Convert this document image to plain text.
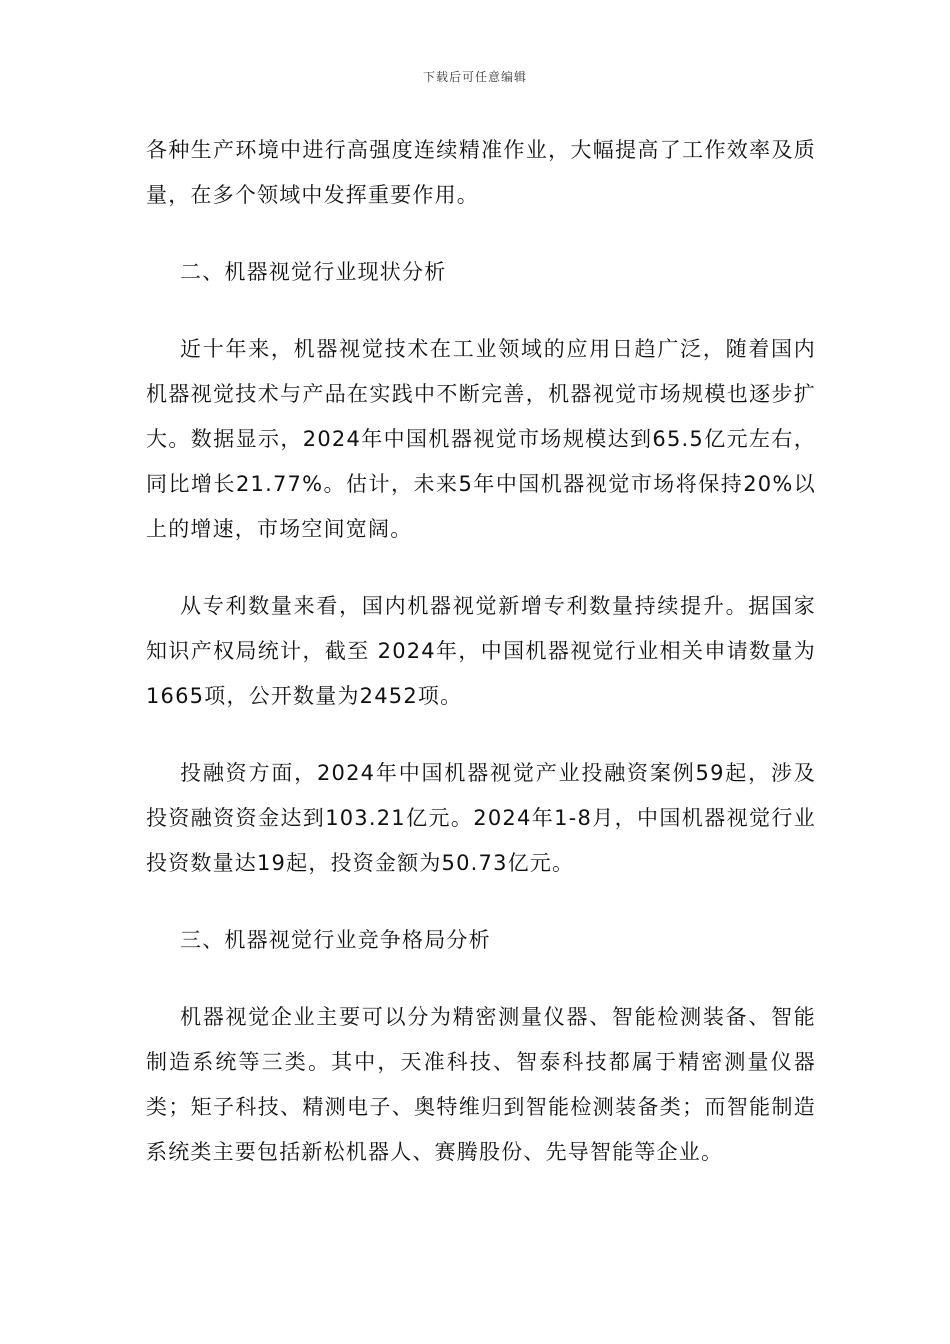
下载后可任意编辑

各种生产环境中进行高强度连续精准作业，大幅提高了工作效率及质量，在多个领域中发挥重要作用。

二、机器视觉行业现状分析

近十年来，机器视觉技术在工业领域的应用日趋广泛，随着国内机器视觉技术与产品在实践中不断完善，机器视觉市场规模也逐步扩大。数据显示，2024年中国机器视觉市场规模达到65.5亿元左右，同比增长21.77%。估计，未来5年中国机器视觉市场将保持20%以上的增速，市场空间宽阔。

从专利数量来看，国内机器视觉新增专利数量持续提升。据国家知识产权局统计，截至 2024年，中国机器视觉行业相关申请数量为1665项，公开数量为2452项。

投融资方面，2024年中国机器视觉产业投融资案例59起，涉及投资融资资金达到103.21亿元。2024年1-8月，中国机器视觉行业投资数量达19起，投资金额为50.73亿元。

三、机器视觉行业竞争格局分析

机器视觉企业主要可以分为精密测量仪器、智能检测装备、智能制造系统等三类。其中，天准科技、智泰科技都属于精密测量仪器类；矩子科技、精测电子、奥特维归到智能检测装备类；而智能制造系统类主要包括新松机器人、赛腾股份、先导智能等企业。
